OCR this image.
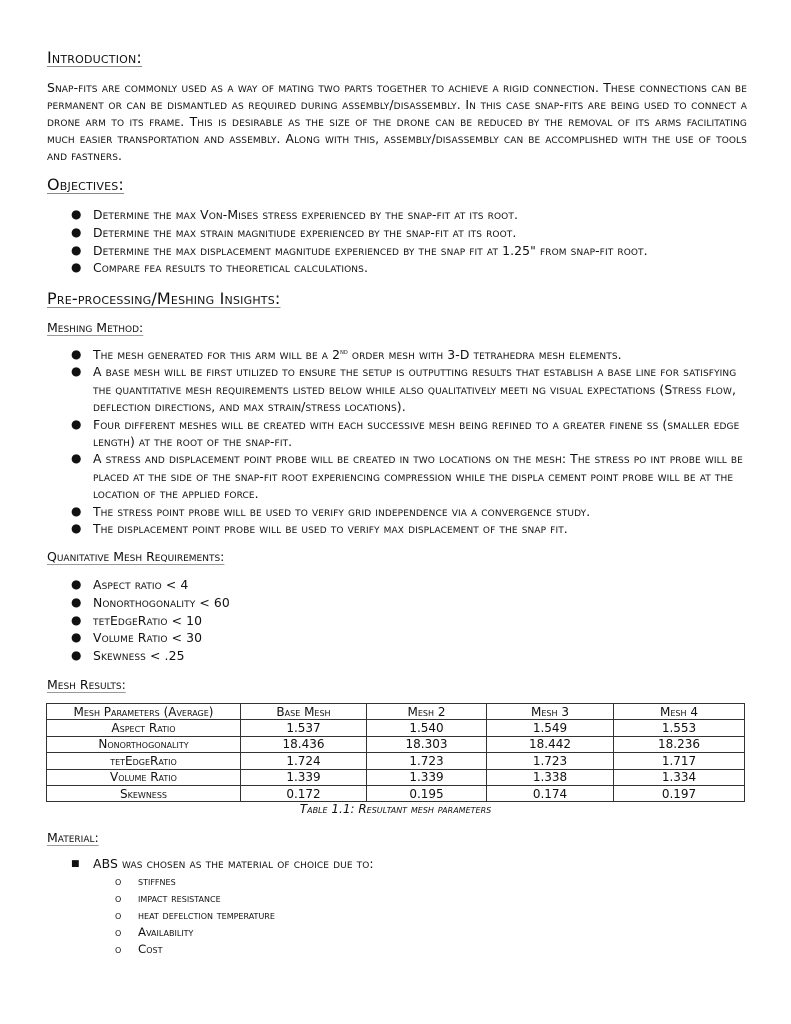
Introduction:
Snap-fits are commonly used as a way of mating two parts together to achieve a rigid connection. These connections can be permanent or can be dismantled as required during assembly/disassembly. In this case snap-fits are being used to connect a drone arm to its frame. This is desirable as the size of the drone can be reduced by the removal of its arms facilitating much easier transportation and assembly. Along with this, assembly/disassembly can be accomplished with the use of tools and fastners.
Objectives:
● Determine the max Von-Mises stress experienced by the snap-fit at its root.
● Determine the max strain magnitiude experienced by the snap-fit at its root.
● Determine the max displacement magnitude experienced by the snap fit at 1.25" from snap-fit root.
● Compare fea results to theoretical calculations.
Pre-processing/Meshing Insights:
Meshing Method:
● The mesh generated for this arm will be a 2nd order mesh with 3-D tetrahedra mesh elements.
● A base mesh will be first utilized to ensure the setup is outputting results that establish a base line for satisfying the quantitative mesh requirements listed below while also qualitatively meeti ng visual expectations (Stress flow, deflection directions, and max strain/stress locations).
● Four different meshes will be created with each successive mesh being refined to a greater finene ss (smaller edge length) at the root of the snap-fit.
● A stress and displacement point probe will be created in two locations on the mesh: The stress po int probe will be placed at the side of the snap-fit root experiencing compression while the displa cement point probe will be at the location of the applied force.
● The stress point probe will be used to verify grid independence via a convergence study.
● The displacement point probe will be used to verify max displacement of the snap fit.
Quanitative Mesh Requirements:
● Aspect ratio < 4
● Nonorthogonality < 60
● tetEdgeRatio < 10
● Volume Ratio < 30
● Skewness < .25
Mesh Results:
Mesh Parameters (Average)	Base Mesh	Mesh 2	Mesh 3	Mesh 4
Aspect Ratio	1.537	1.540	1.549	1.553
Nonorthogonality	18.436	18.303	18.442	18.236
tetEdgeRatio	1.724	1.723	1.723	1.717
Volume Ratio	1.339	1.339	1.338	1.334
Skewness	0.172	0.195	0.174	0.197
Table 1.1: Resultant mesh parameters
Material:
■ ABS was chosen as the material of choice due to:
o stiffnes
o impact resistance
o heat defelction temperature
o Availability
o Cost
